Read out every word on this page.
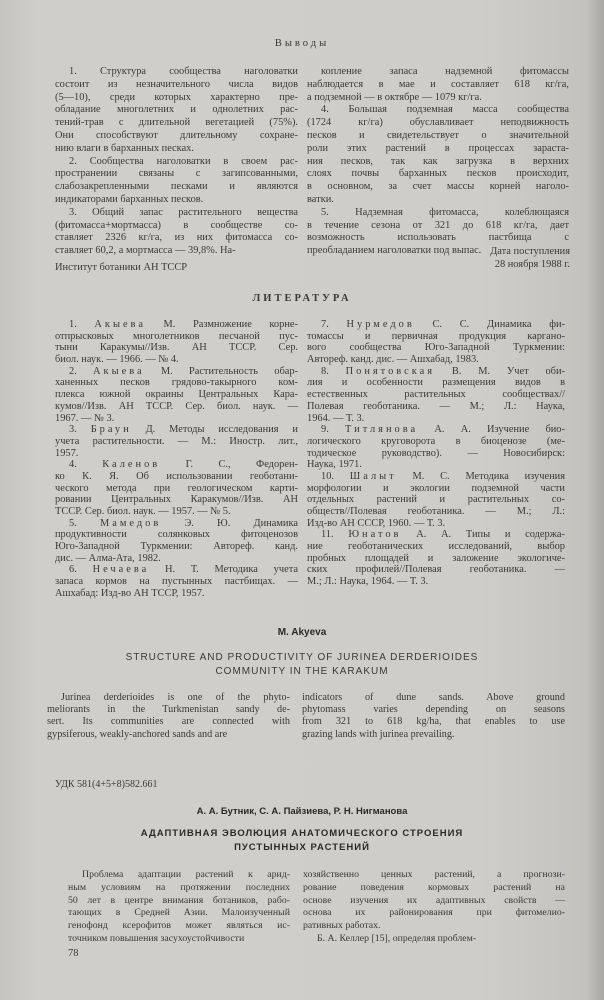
Выводы
1. Структура сообщества наголоватки
состоит из незначительного числа видов
(5—10), среди которых характерно пре-
обладание многолетних и однолетних рас-
тений-трав с длительной вегетацией (75%).
Они способствуют длительному сохране-
нию влаги в барханных песках.
2. Сообщества наголоватки в своем рас-
пространении связаны с загипсованными,
слабозакрепленными песками и являются
индикаторами барханных песков.
3. Общий запас растительного вещества
(фитомасса+мортмасса) в сообществе со-
ставляет 2326 кг/га, из них фитомасса со-
ставляет 60,2, а мортмасса — 39,8%. На-
копление запаса надземной фитомассы
наблюдается в мае и составляет 618 кг/га,
а подземной — в октябре — 1079 кг/га.
4. Большая подземная масса сообщества
(1724 кг/га) обуславливает неподвижность
песков и свидетельствует о значительной
роли этих растений в процессах зараста-
ния песков, так как загрузка в верхних
слоях почвы барханных песков происходит,
в основном, за счет массы корней наголо-
ватки.
5. Надземная фитомасса, колеблющаяся
в течение сезона от 321 до 618 кг/га, дает
возможность использовать пастбища с
преобладанием наголоватки под выпас.
Институт ботаники АН ТССР
Дата поступления
28 ноября 1988 г.
ЛИТЕРАТУРА
1. Акыева М. Размножение корне-
отпрысковых многолетников песчаной пус-
тыни Каракумы//Изв. АН ТССР. Сер.
биол. наук. — 1966. — № 4.
2. Акыева М. Растительность обар-
ханенных песков грядово-такырного ком-
плекса южной окраины Центральных Кара-
кумов//Изв. АН ТССР. Сер. биол. наук. —
1967. — № 3.
3. Браун Д. Методы исследования и
учета растительности. — М.: Иностр. лит.,
1957.
4. Каленов Г. С., Федорен-
ко К. Я. Об использовании геоботани-
ческого метода при геологическом карти-
ровании Центральных Каракумов//Изв. АН
ТССР. Сер. биол. наук. — 1957. — № 5.
5. Мамедов Э. Ю. Динамика
продуктивности солянковых фитоценозов
Юго-Западной Туркмении: Автореф. канд.
дис. — Алма-Ата, 1982.
6. Нечаева Н. Т. Методика учета
запаса кормов на пустынных пастбищах. —
Ашхабад: Изд-во АН ТССР, 1957.
7. Нурмедов С. С. Динамика фи-
томассы и первичная продукция каргано-
вого сообщества Юго-Западной Туркмении:
Автореф. канд. дис. — Ашхабад, 1983.
8. Понятовская В. М. Учет оби-
лия и особенности размещения видов в
естественных растительных сообществах//
Полевая геоботаника. — М.; Л.: Наука,
1964. — Т. 3.
9. Титлянова А. А. Изучение био-
логического круговорота в биоценозе (ме-
тодическое руководство). — Новосибирск:
Наука, 1971.
10. Шалыт М. С. Методика изучения
морфологии и экологии подземной части
отдельных растений и растительных со-
обществ//Полевая геоботаника. — М.; Л.:
Изд-во АН СССР, 1960. — Т. 3.
11. Юнатов А. А. Типы и содержа-
ние геоботанических исследований, выбор
пробных площадей и заложение экологиче-
ских профилей//Полевая геоботаника. —
М.; Л.: Наука, 1964. — Т. 3.
M. Akyeva
STRUCTURE AND PRODUCTIVITY OF JURINEA DERDERIOIDES
COMMUNITY IN THE KARAKUM
Jurinea derderioides is one of the phyto-
meliorants in the Turkmenistan sandy de-
sert. Its communities are connected with
gypsiferous, weakly-anchored sands and are
indicators of dune sands. Above ground
phytomass varies depending on seasons
from 321 to 618 kg/ha, that enables to use
grazing lands with jurinea prevailing.
УДК 581(4+5+8)582.661
А. А. Бутник, С. А. Пайзиева, Р. Н. Нигманова
АДАПТИВНАЯ ЭВОЛЮЦИЯ АНАТОМИЧЕСКОГО СТРОЕНИЯ
ПУСТЫННЫХ РАСТЕНИЙ
Проблема адаптации растений к арид-
ным условиям на протяжении последних
50 лет в центре внимания ботаников, рабо-
тающих в Средней Азии. Малоизученный
генофонд ксерофитов может являться ис-
точником повышения засухоустойчивости
хозяйственно ценных растений, а прогнози-
рование поведения кормовых растений на
основе изучения их адаптивных свойств —
основа их районирования при фитомелио-
ративных работах.
Б. А. Келлер [15], определяя проблем-
78
